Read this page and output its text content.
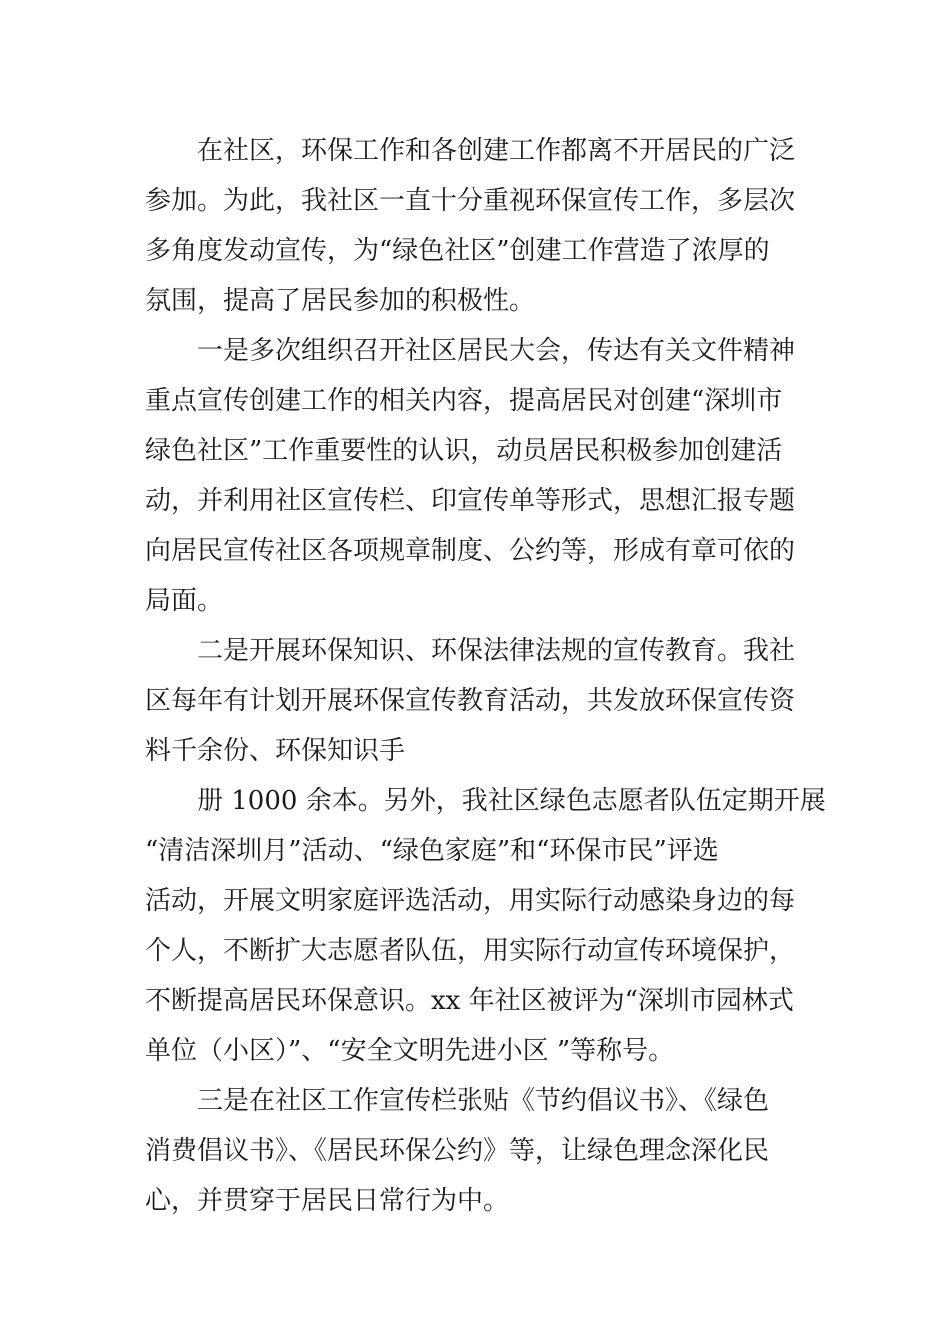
在社区，环保工作和各创建工作都离不开居民的广泛

参加。为此，我社区一直十分重视环保宣传工作，多层次

多角度发动宣传，为“绿色社区”创建工作营造了浓厚的

氛围，提高了居民参加的积极性。

一是多次组织召开社区居民大会，传达有关文件精神

重点宣传创建工作的相关内容，提高居民对创建“深圳市

绿色社区”工作重要性的认识，动员居民积极参加创建活

动，并利用社区宣传栏、印宣传单等形式，思想汇报专题

向居民宣传社区各项规章制度、公约等，形成有章可依的

局面。

二是开展环保知识、环保法律法规的宣传教育。我社

区每年有计划开展环保宣传教育活动，共发放环保宣传资

料千余份、环保知识手

册 1000 余本。另外，我社区绿色志愿者队伍定期开展

“清洁深圳月”活动、“绿色家庭”和“环保市民”评选

活动，开展文明家庭评选活动，用实际行动感染身边的每

个人，不断扩大志愿者队伍，用实际行动宣传环境保护，

不断提高居民环保意识。xx 年社区被评为“深圳市园林式

单位（小区）”、“安全文明先进小区 ”等称号。

三是在社区工作宣传栏张贴《节约倡议书》、《绿色

消费倡议书》、《居民环保公约》等，让绿色理念深化民

心，并贯穿于居民日常行为中。
